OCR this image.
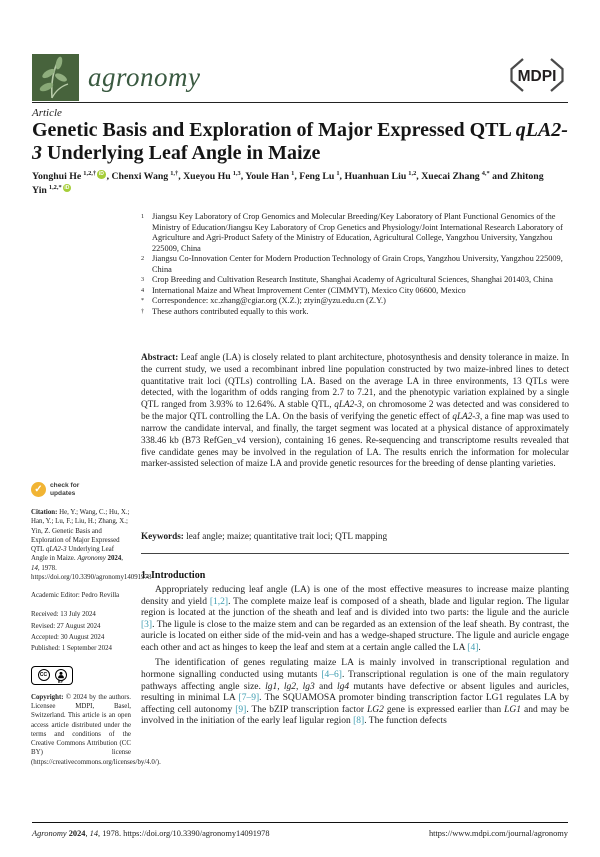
agronomy	MDPI
Article
Genetic Basis and Exploration of Major Expressed QTL qLA2-3 Underlying Leaf Angle in Maize

Yonghui He $^{1,2,\dagger}$ iD , Chenxi Wang $^{1,\dagger}$, Xueyou Hu $^{1,3}$, Youle Han $^1$, Feng Lu $^1$, Huanhuan Liu $^{1,2}$, Xuecai Zhang $^{4,*}$ and Zhitong Yin $^{1,2,*}$ iD

1 Jiangsu Key Laboratory of Crop Genomics and Molecular Breeding/Key Laboratory of Plant Functional Genomics of the Ministry of Education/Jiangsu Key Laboratory of Crop Genetics and Physiology/Joint International Research Laboratory of Agriculture and Agri-Product Safety of the Ministry of Education, Agricultural College, Yangzhou University, Yangzhou 225009, China
2 Jiangsu Co-Innovation Center for Modern Production Technology of Grain Crops, Yangzhou University, Yangzhou 225009, China
3 Crop Breeding and Cultivation Research Institute, Shanghai Academy of Agricultural Sciences, Shanghai 201403, China
4 International Maize and Wheat Improvement Center (CIMMYT), Mexico City 06600, Mexico
* Correspondence: xc.zhang@cgiar.org (X.Z.); ztyin@yzu.edu.cn (Z.Y.)
† These authors contributed equally to this work.

Abstract: Leaf angle (LA) is closely related to plant architecture, photosynthesis and density tolerance in maize. In the current study, we used a recombinant inbred line population constructed by two maize-inbred lines to detect quantitative trait loci (QTLs) controlling LA. Based on the average LA in three environments, 13 QTLs were detected, with the logarithm of odds ranging from 2.7 to 7.21, and the phenotypic variation explained by a single QTL ranged from 3.93% to 12.64%. A stable QTL, qLA2-3, on chromosome 2 was detected and was considered to be the major QTL controlling the LA. On the basis of verifying the genetic effect of qLA2-3, a fine map was used to narrow the candidate interval, and finally, the target segment was located at a physical distance of approximately 338.46 kb (B73 RefGen_v4 version), containing 16 genes. Re-sequencing and transcriptome results revealed that five candidate genes may be involved in the regulation of LA. The results enrich the information for molecular marker-assisted selection of maize LA and provide genetic resources for the breeding of dense planting varieties.

Keywords: leaf angle; maize; quantitative trait loci; QTL mapping

1. Introduction

Appropriately reducing leaf angle (LA) is one of the most effective measures to increase maize planting density and yield [1,2]. The complete maize leaf is composed of a sheath, blade and ligular region. The ligular region is located at the junction of the sheath and leaf and is divided into two parts: the ligule and the auricle [3]. The ligule is close to the maize stem and can be regarded as an extension of the leaf sheath. By contrast, the auricle is located on either side of the mid-vein and has a wedge-shaped structure. The ligule and auricle engage each other and act as hinges to keep the leaf and stem at a certain angle called the LA [4].

The identification of genes regulating maize LA is mainly involved in transcriptional regulation and hormone signalling conducted using mutants [4–6]. Transcriptional regulation is one of the main regulatory pathways affecting angle size. lg1, lg2, lg3 and lg4 mutants have defective or absent ligules and auricles, resulting in minimal LA [7–9]. The SQUAMOSA promoter binding transcription factor LG1 regulates LA by affecting cell autonomy [9]. The bZIP transcription factor LG2 gene is expressed earlier than LG1 and may be involved in the initiation of the early leaf ligular region [8]. The function defects

✓	check for
updates

Citation: He, Y.; Wang, C.; Hu, X.; Han, Y.; Lu, F.; Liu, H.; Zhang, X.; Yin, Z. Genetic Basis and Exploration of Major Expressed QTL qLA2-3 Underlying Leaf Angle in Maize. Agronomy 2024, 14, 1978. https://doi.org/10.3390/agronomy14091978

Academic Editor: Pedro Revilla

Received: 13 July 2024

Revised: 27 August 2024

Accepted: 30 August 2024

Published: 1 September 2024

CC
BY

Copyright: © 2024 by the authors. Licensee MDPI, Basel, Switzerland. This article is an open access article distributed under the terms and conditions of the Creative Commons Attribution (CC BY) license (https://creativecommons.org/licenses/by/4.0/).

Agronomy 2024, 14, 1978. https://doi.org/10.3390/agronomy14091978	https://www.mdpi.com/journal/agronomy
